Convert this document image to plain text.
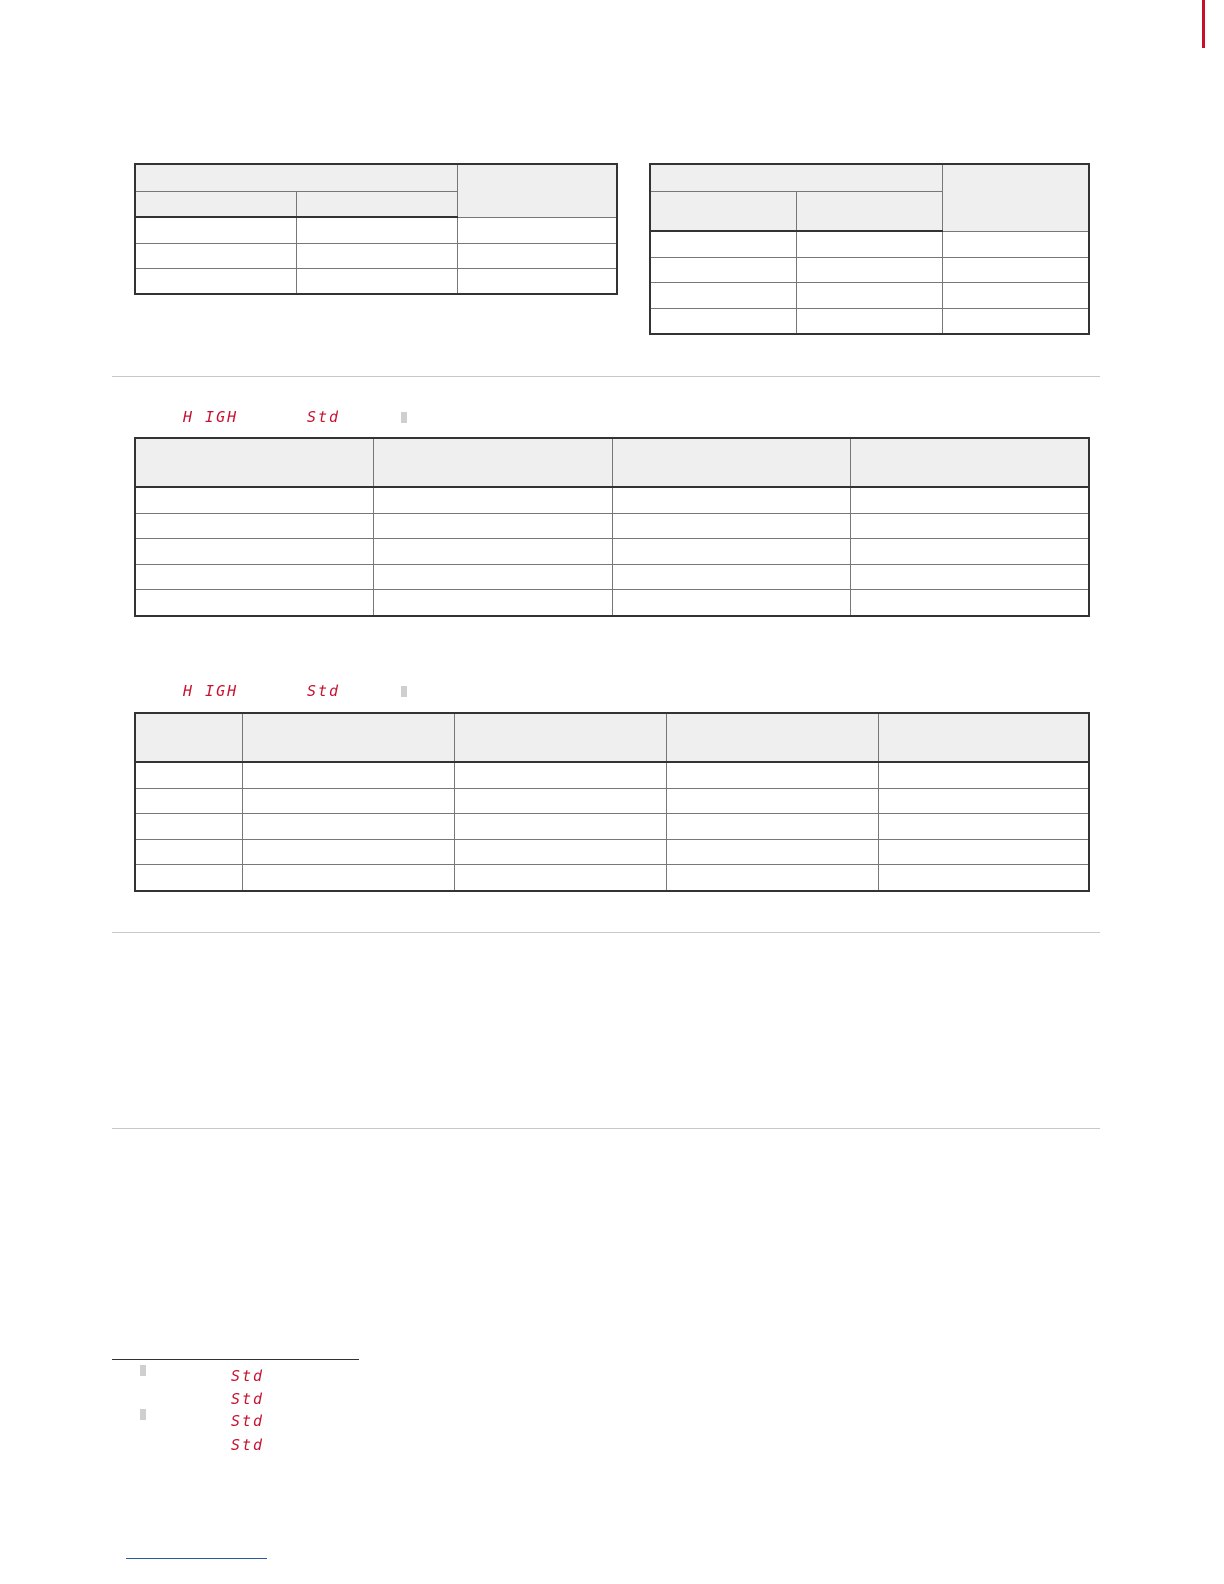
H IGH	Std

H IGH	Std

Std
Std
Std
Std
